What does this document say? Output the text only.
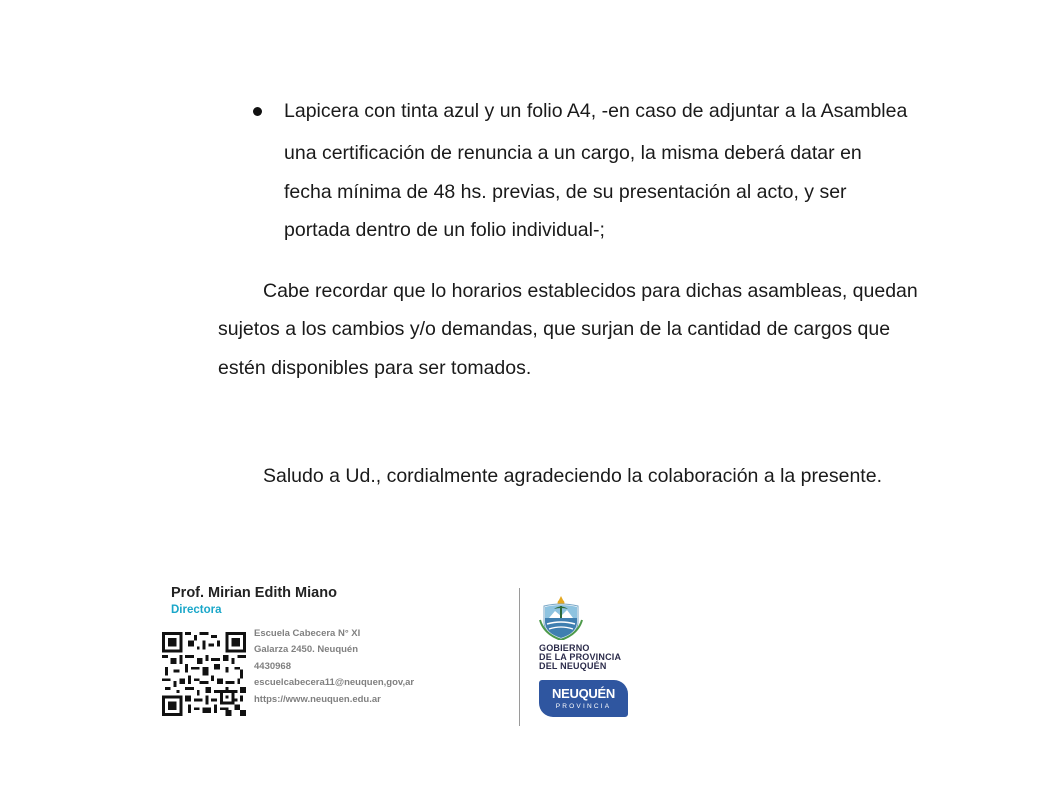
Lapicera con tinta azul y un folio A4, -en caso de adjuntar a la Asamblea
una certificación de renuncia a un cargo, la misma deberá datar en
fecha mínima de 48 hs. previas, de su presentación al acto, y ser
portada dentro de un folio individual-;
Cabe recordar que lo horarios establecidos para dichas asambleas, quedan
sujetos a los cambios y/o demandas, que surjan de la cantidad de cargos que
estén disponibles para ser tomados.
Saludo a Ud., cordialmente agradeciendo la colaboración a la presente.
Prof. Mirian Edith Miano
Directora
Escuela Cabecera N° XI
Galarza 2450. Neuquén
4430968
escuelcabecera11@neuquen,gov,ar
https://www.neuquen.edu.ar
GOBIERNO
DE LA PROVINCIA
DEL NEUQUÉN
NEUQUÉN
PROVINCIA
